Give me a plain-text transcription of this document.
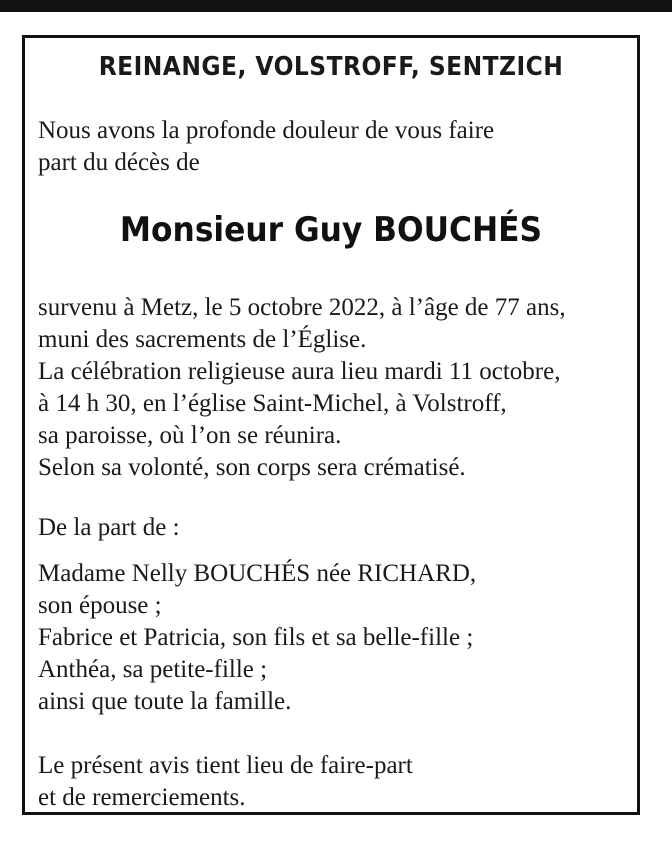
REINANGE, VOLSTROFF, SENTZICH

Nous avons la profonde douleur de vous faire
part du décès de

Monsieur Guy BOUCHÉS

survenu à Metz, le 5 octobre 2022, à l’âge de 77 ans,
muni des sacrements de l’Église.
La célébration religieuse aura lieu mardi 11 octobre,
à 14 h 30, en l’église Saint-Michel, à Volstroff,
sa paroisse, où l’on se réunira.
Selon sa volonté, son corps sera crématisé.

De la part de :

Madame Nelly BOUCHÉS née RICHARD,
son épouse ;
Fabrice et Patricia, son fils et sa belle-fille ;
Anthéa, sa petite-fille ;
ainsi que toute la famille.

Le présent avis tient lieu de faire-part
et de remerciements.
